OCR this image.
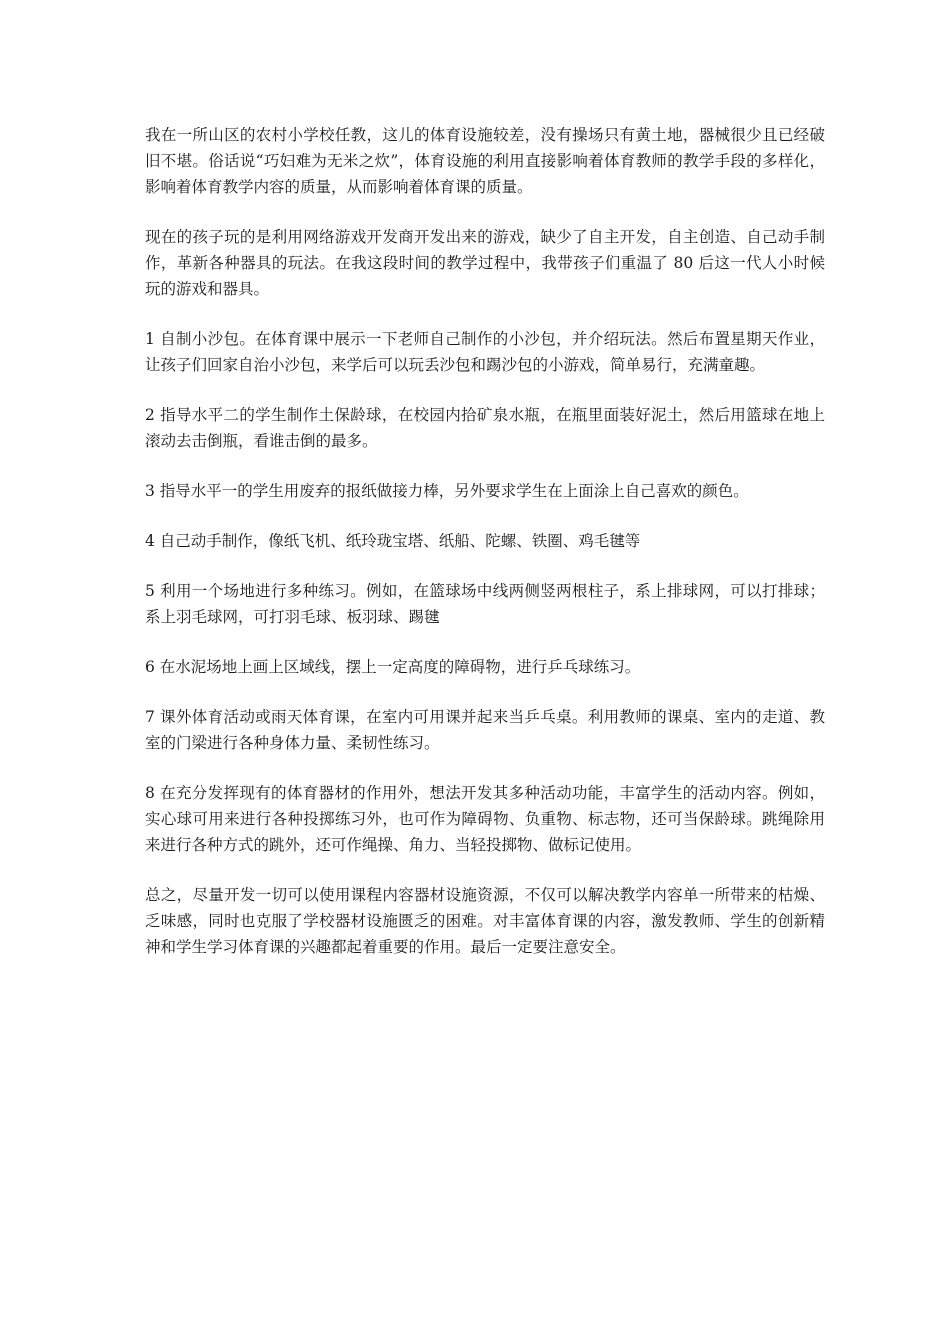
我在一所山区的农村小学校任教，这儿的体育设施较差，没有操场只有黄土地，器械很少且已经破旧不堪。俗话说“巧妇难为无米之炊”，体育设施的利用直接影响着体育教师的教学手段的多样化，影响着体育教学内容的质量，从而影响着体育课的质量。

现在的孩子玩的是利用网络游戏开发商开发出来的游戏，缺少了自主开发，自主创造、自己动手制作，革新各种器具的玩法。在我这段时间的教学过程中，我带孩子们重温了 80 后这一代人小时候玩的游戏和器具。

1 自制小沙包。在体育课中展示一下老师自己制作的小沙包，并介绍玩法。然后布置星期天作业，让孩子们回家自治小沙包，来学后可以玩丢沙包和踢沙包的小游戏，简单易行，充满童趣。

2 指导水平二的学生制作土保龄球，在校园内拾矿泉水瓶，在瓶里面装好泥土，然后用篮球在地上滚动去击倒瓶，看谁击倒的最多。

3 指导水平一的学生用废弃的报纸做接力棒，另外要求学生在上面涂上自己喜欢的颜色。

4 自己动手制作，像纸飞机、纸玲珑宝塔、纸船、陀螺、铁圈、鸡毛毽等

5 利用一个场地进行多种练习。例如，在篮球场中线两侧竖两根柱子，系上排球网，可以打排球；系上羽毛球网，可打羽毛球、板羽球、踢毽

6 在水泥场地上画上区域线，摆上一定高度的障碍物，进行乒乓球练习。

7 课外体育活动或雨天体育课，在室内可用课并起来当乒乓桌。利用教师的课桌、室内的走道、教室的门梁进行各种身体力量、柔韧性练习。

8 在充分发挥现有的体育器材的作用外，想法开发其多种活动功能，丰富学生的活动内容。例如，实心球可用来进行各种投掷练习外，也可作为障碍物、负重物、标志物，还可当保龄球。跳绳除用来进行各种方式的跳外，还可作绳操、角力、当轻投掷物、做标记使用。

总之，尽量开发一切可以使用课程内容器材设施资源，不仅可以解决教学内容单一所带来的枯燥、乏味感，同时也克服了学校器材设施匮乏的困难。对丰富体育课的内容，激发教师、学生的创新精神和学生学习体育课的兴趣都起着重要的作用。最后一定要注意安全。
